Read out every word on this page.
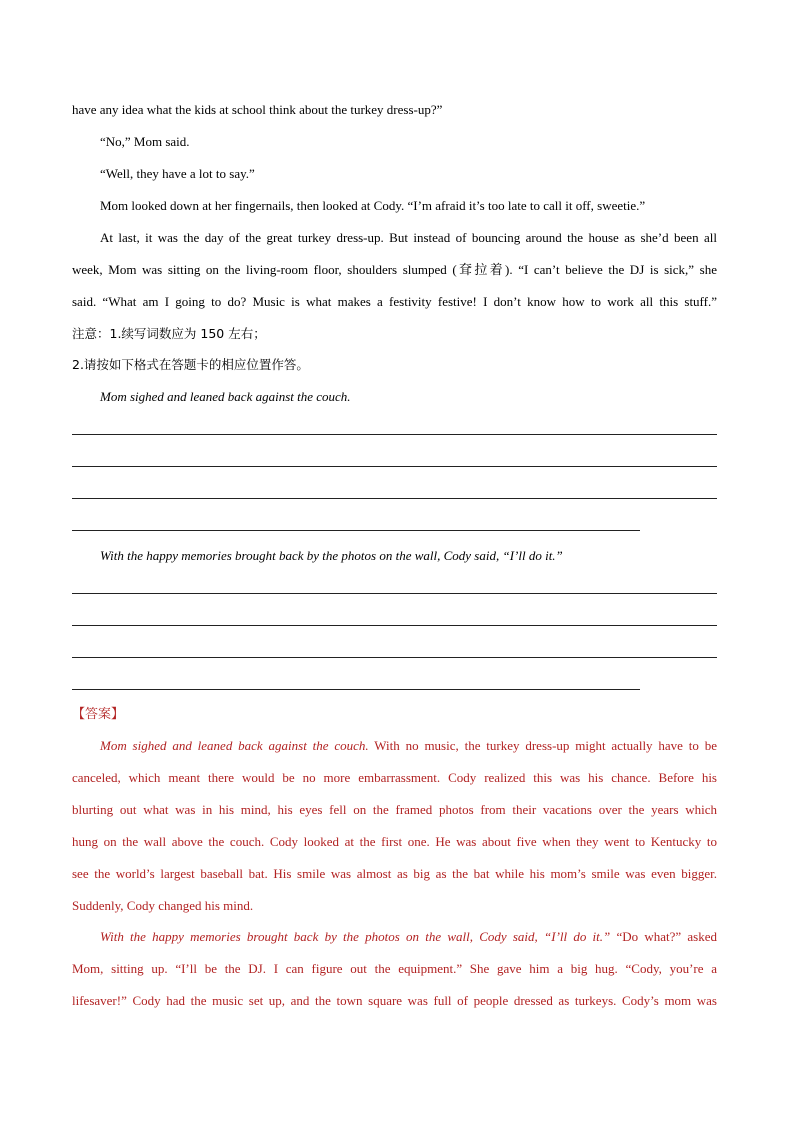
have any idea what the kids at school think about the turkey dress-up?”
“No,” Mom said.
“Well, they have a lot to say.”
Mom looked down at her fingernails, then looked at Cody. “I’m afraid it’s too late to call it off, sweetie.”
At last, it was the day of the great turkey dress-up. But instead of bouncing around the house as she’d been all
week, Mom was sitting on the living-room floor, shoulders slumped (耷拉着). “I can’t believe the DJ is sick,” she
said. “What am I going to do? Music is what makes a festivity festive! I don’t know how to work all this stuff.”
注意：1.续写词数应为 150 左右；
2.请按如下格式在答题卡的相应位置作答。
Mom sighed and leaned back against the couch.
With the happy memories brought back by the photos on the wall, Cody said, “I’ll do it.”
【答案】
Mom sighed and leaned back against the couch. With no music, the turkey dress-up might actually have to be
canceled, which meant there would be no more embarrassment. Cody realized this was his chance. Before his
blurting out what was in his mind, his eyes fell on the framed photos from their vacations over the years which
hung on the wall above the couch. Cody looked at the first one. He was about five when they went to Kentucky to
see the world’s largest baseball bat. His smile was almost as big as the bat while his mom’s smile was even bigger.
Suddenly, Cody changed his mind.
With the happy memories brought back by the photos on the wall, Cody said, “I’ll do it.” “Do what?” asked
Mom, sitting up. “I’ll be the DJ. I can figure out the equipment.” She gave him a big hug. “Cody, you’re a
lifesaver!” Cody had the music set up, and the town square was full of people dressed as turkeys. Cody’s mom was
